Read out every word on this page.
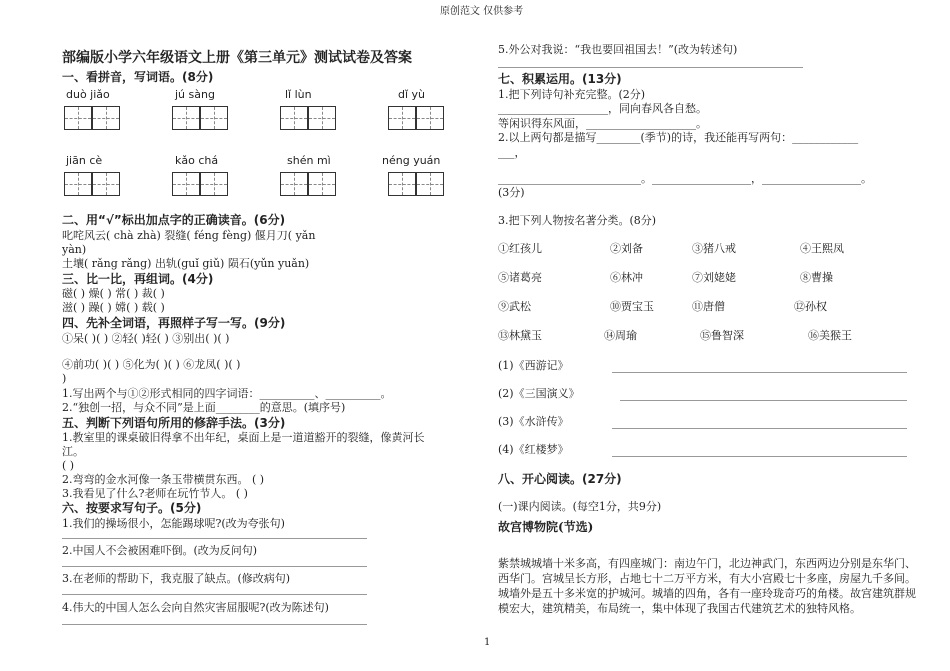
原创范文 仅供参考
部编版小学六年级语文上册《第三单元》测试试卷及答案
一、看拼音，写词语。(8分)
duò jiǎo	jú sàng	lǐ lùn	dǐ yù
jiān cè	kǎo chá	shén mì	néng yuán
二、用“√”标出加点字的正确读音。(6分)
叱咤风云( chà zhà) 裂缝( féng fèng) 偃月刀( yǎn
yàn)
土壤( rǎng rǎng) 出轨(guǐ giǔ) 陨石(yǔn yuǎn)
三、比一比，再组词。(4分)
磁( ) 燥( ) 常( ) 裁( )
滋( ) 躁( ) 嫦( ) 载( )
四、先补全词语，再照样子写一写。(9分)
①呆( )( ) ②轻( )轻( ) ③别出( )( )
④前功( )( ) ⑤化为( )( ) ⑥龙凤( )( )
)
1.写出两个与①②形式相同的四字词语：__________、__________。
2.“独创一招，与众不同”是上面________的意思。(填序号)
五、判断下列语句所用的修辞手法。(3分)
1.教室里的课桌破旧得拿不出年纪，桌面上是一道道豁开的裂缝，像黄河长
江。
( )
2.弯弯的金水河像一条玉带横贯东西。 ( )
3.我看见了什么?老师在玩竹节人。 ( )
六、按要求写句子。(5分)
1.我们的操场很小，怎能踢球呢?(改为夸张句)
2.中国人不会被困难吓倒。(改为反问句)
3.在老师的帮助下，我克服了缺点。(修改病句)
4.伟大的中国人怎么会向自然灾害屈服呢?(改为陈述句)
5.外公对我说：“我也要回祖国去！”(改为转述句)
七、积累运用。(13分)
1.把下列诗句补充完整。(2分)
____________________，同向春风各自愁。
等闲识得东风面，____________________。
2.以上两句都是描写________(季节)的诗，我还能再写两句：____________
___，
__________________________。__________________，__________________。
(3分)
3.把下列人物按名著分类。(8分)
①红孩儿	②刘备	③猪八戒	④王熙凤
⑤诸葛亮	⑥林冲	⑦刘姥姥	⑧曹操
⑨武松	⑩贾宝玉	⑪唐僧	⑫孙权
⑬林黛玉	⑭周瑜	⑮鲁智深	⑯美猴王
(1)《西游记》
(2)《三国演义》
(3)《水浒传》
(4)《红楼梦》
八、开心阅读。(27分)
(一)课内阅读。(每空1分，共9分)
故宫博物院(节选)
紫禁城城墙十米多高，有四座城门：南边午门，北边神武门，东西两边分别是东华门、西华门。宫城呈长方形，占地七十二万平方米，有大小宫殿七十多座，房屋九千多间。城墙外是五十多米宽的护城河。城墙的四角，各有一座玲珑奇巧的角楼。故宫建筑群规模宏大，建筑精美，布局统一，集中体现了我国古代建筑艺术的独特风格。
1
